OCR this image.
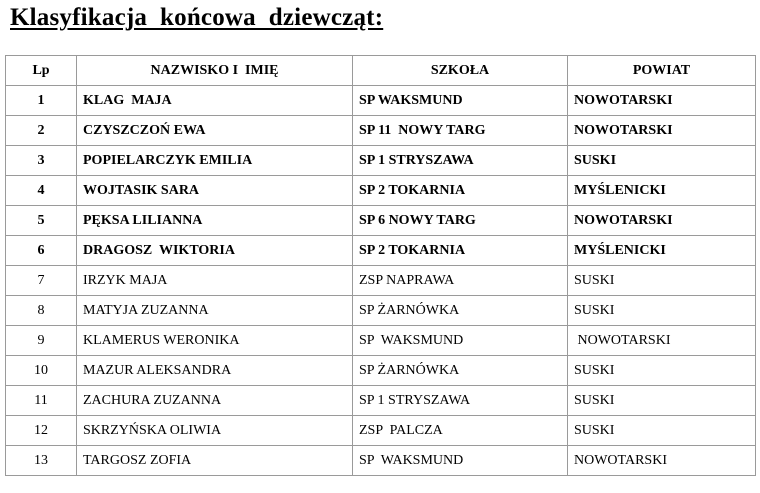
Klasyfikacja  końcowa  dziewcząt:
Lp	NAZWISKO I  IMIĘ	SZKOŁA	POWIAT
1	KLAG  MAJA	SP WAKSMUND	NOWOTARSKI
2	CZYSZCZOŃ EWA	SP 11  NOWY TARG	NOWOTARSKI
3	POPIELARCZYK EMILIA	SP 1 STRYSZAWA	SUSKI
4	WOJTASIK SARA	SP 2 TOKARNIA	MYŚLENICKI
5	PĘKSA LILIANNA	SP 6 NOWY TARG	NOWOTARSKI
6	DRAGOSZ  WIKTORIA	SP 2 TOKARNIA	MYŚLENICKI
7	IRZYK MAJA	ZSP NAPRAWA	SUSKI
8	MATYJA ZUZANNA	SP ŻARNÓWKA	SUSKI
9	KLAMERUS WERONIKA	SP  WAKSMUND	NOWOTARSKI
10	MAZUR ALEKSANDRA	SP ŻARNÓWKA	SUSKI
11	ZACHURA ZUZANNA	SP 1 STRYSZAWA	SUSKI
12	SKRZYŃSKA OLIWIA	ZSP  PALCZA	SUSKI
13	TARGOSZ ZOFIA	SP  WAKSMUND	NOWOTARSKI
